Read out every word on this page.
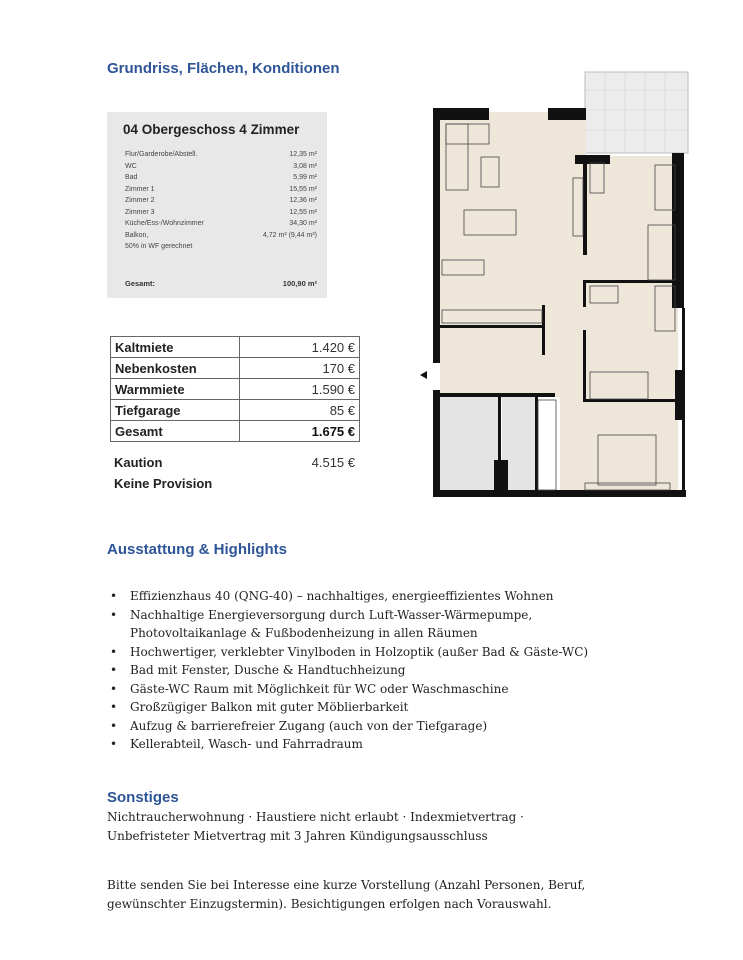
Grundriss, Flächen, Konditionen
04 Obergeschoss 4 Zimmer
Flur/Garderobe/Abstell.	12,35 m²
WC	3,08 m²
Bad	5,99 m²
Zimmer 1	15,55 m²
Zimmer 2	12,36 m²
Zimmer 3	12,55 m²
Küche/Ess-/Wohnzimmer	34,30 m²
Balkon,	4,72 m² (9,44 m²)
50% in WF gerechnet
Gesamt:	100,90 m²
Kaltmiete	1.420 €
Nebenkosten	170 €
Warmmiete	1.590 €
Tiefgarage	85 €
Gesamt	1.675 €
Kaution	4.515 €
Keine Provision
Ausstattung & Highlights
• Effizienzhaus 40 (QNG-40) – nachhaltiges, energieeffizientes Wohnen
• Nachhaltige Energieversorgung durch Luft-Wasser-Wärmepumpe, Photovoltaikanlage & Fußbodenheizung in allen Räumen
• Hochwertiger, verklebter Vinylboden in Holzoptik (außer Bad & Gäste-WC)
• Bad mit Fenster, Dusche & Handtuchheizung
• Gäste-WC Raum mit Möglichkeit für WC oder Waschmaschine
• Großzügiger Balkon mit guter Möblierbarkeit
• Aufzug & barrierefreier Zugang (auch von der Tiefgarage)
• Kellerabteil, Wasch- und Fahrradraum
Sonstiges
Nichtraucherwohnung · Haustiere nicht erlaubt · Indexmietvertrag · Unbefristeter Mietvertrag mit 3 Jahren Kündigungsausschluss
Bitte senden Sie bei Interesse eine kurze Vorstellung (Anzahl Personen, Beruf, gewünschter Einzugstermin). Besichtigungen erfolgen nach Vorauswahl.
